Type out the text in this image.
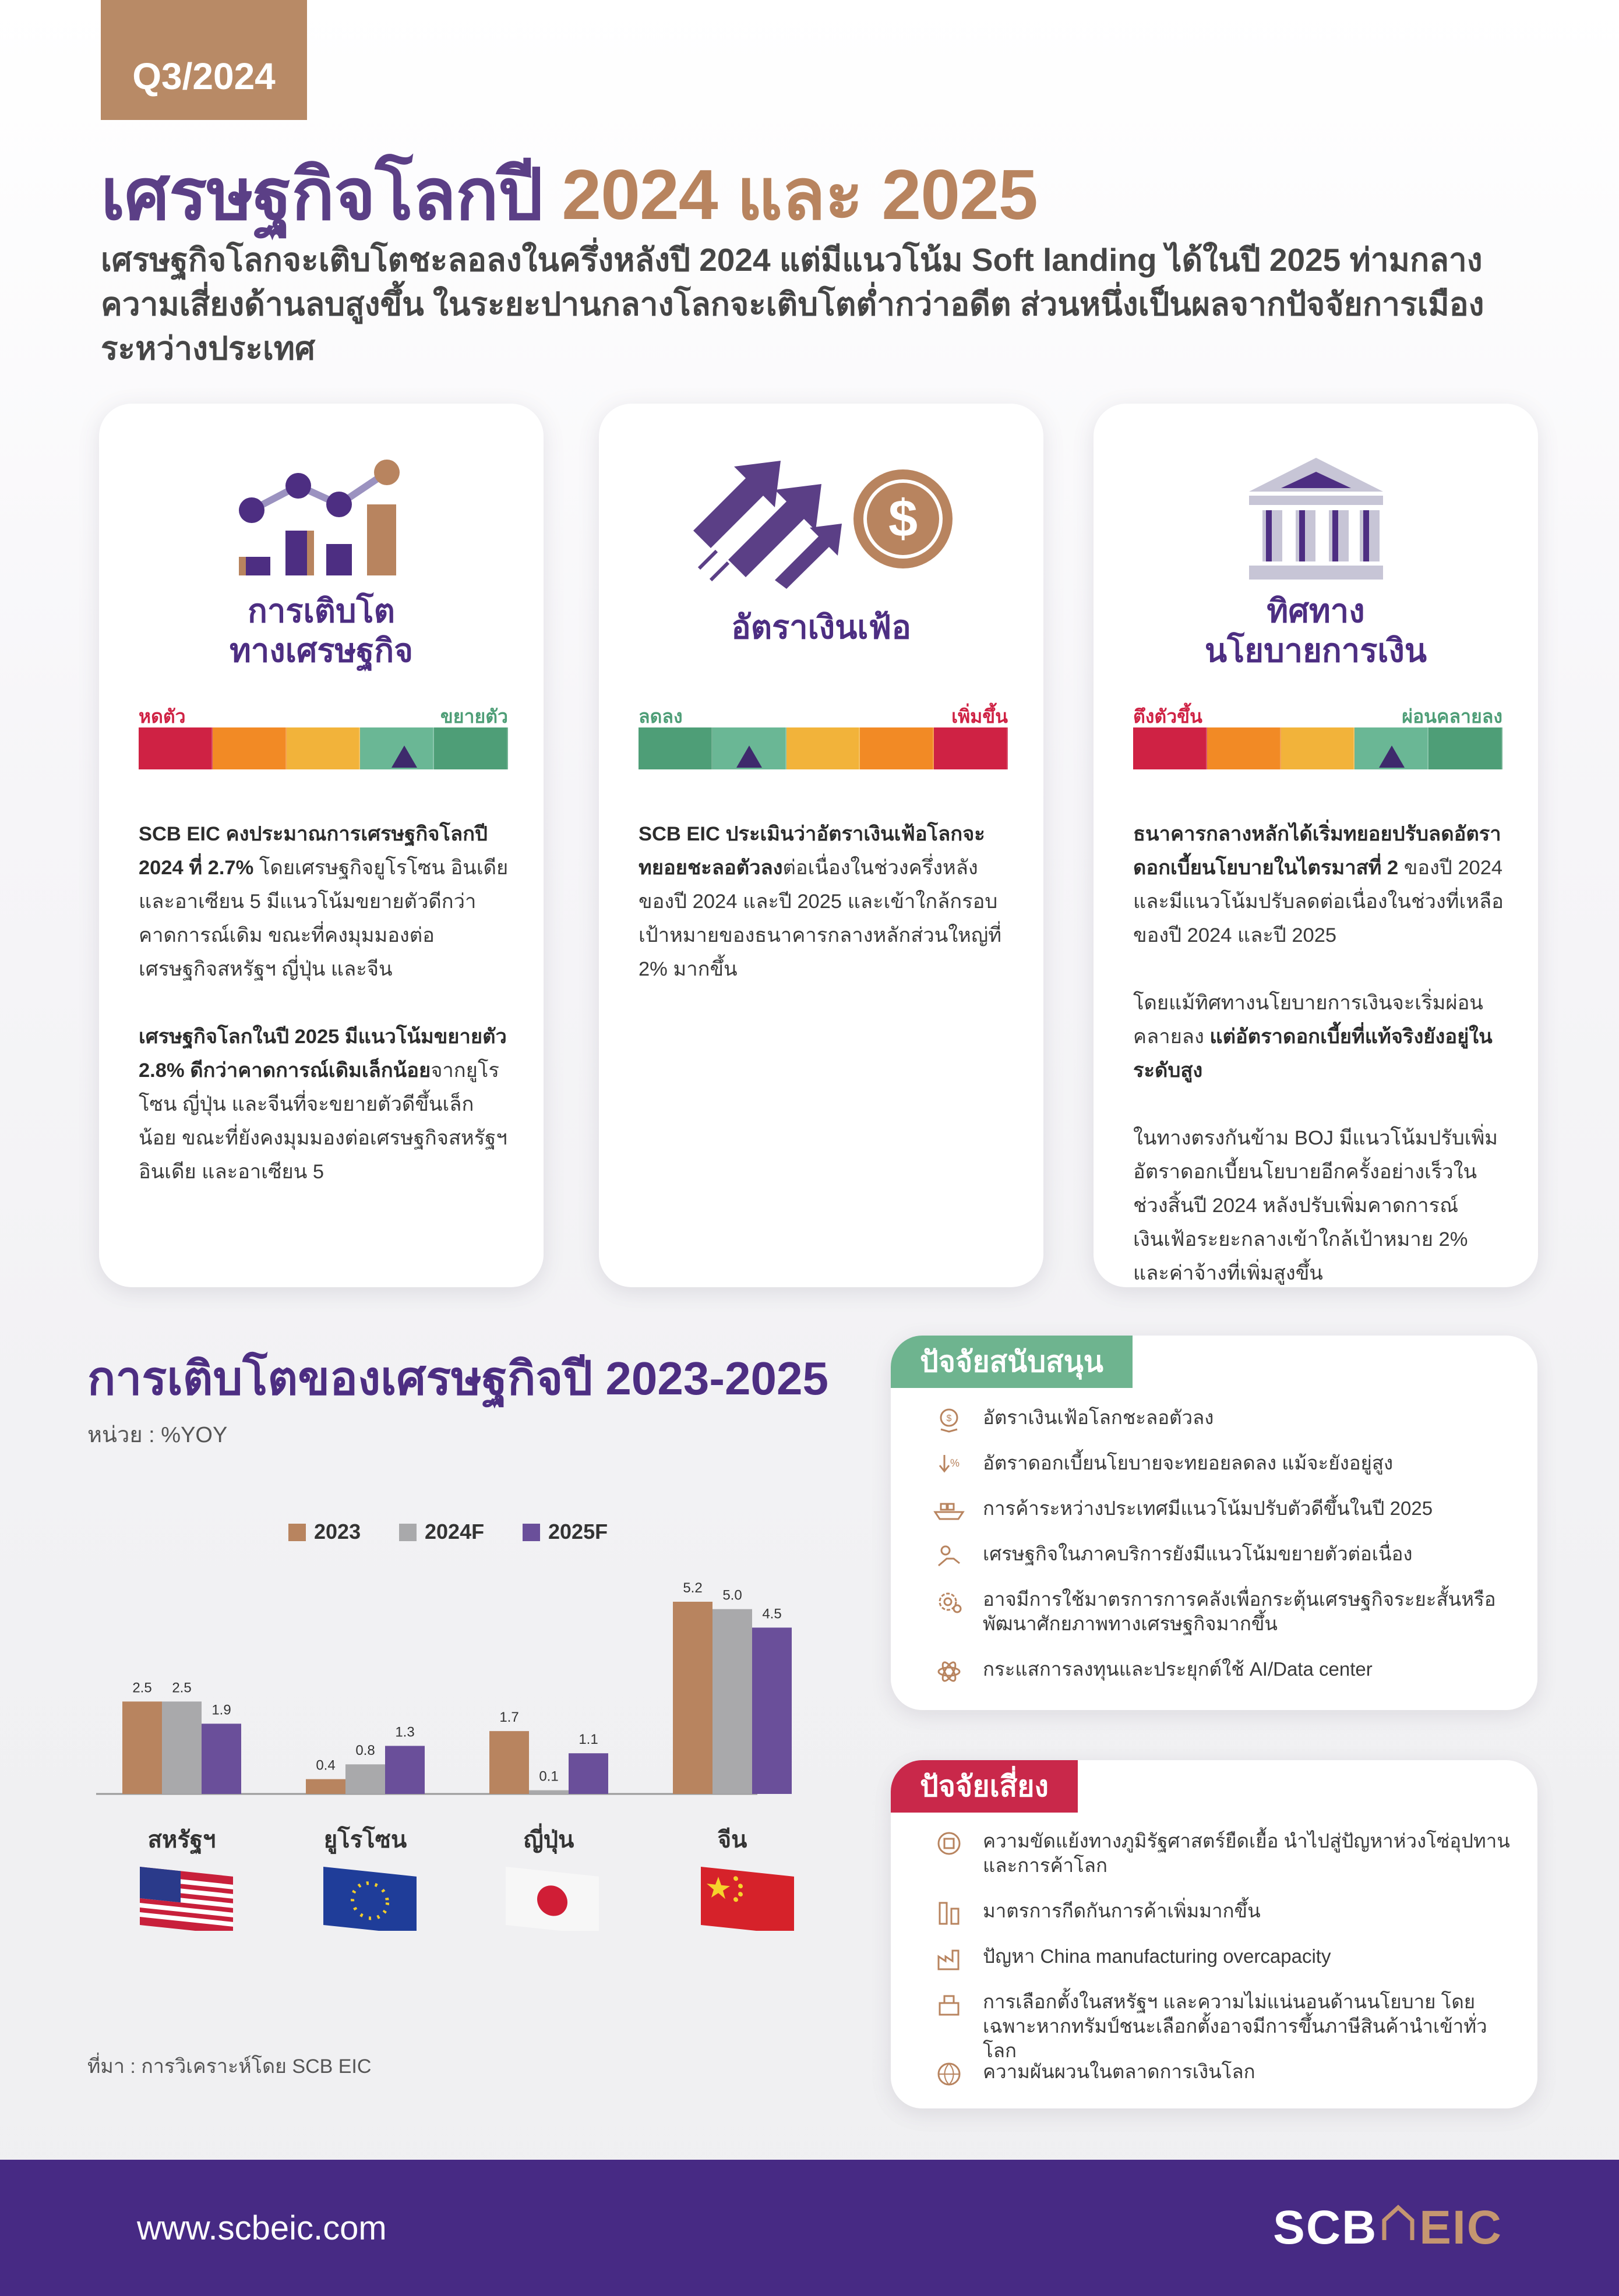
Q3/2024
เศรษฐกิจโลกปี 2024 และ 2025
เศรษฐกิจโลกจะเติบโตชะลอลงในครึ่งหลังปี 2024 แต่มีแนวโน้ม Soft landing ได้ในปี 2025 ท่ามกลางความเสี่ยงด้านลบสูงขึ้น ในระยะปานกลางโลกจะเติบโตต่ำกว่าอดีต ส่วนหนึ่งเป็นผลจากปัจจัยการเมืองระหว่างประเทศ
การเติบโต
ทางเศรษฐกิจ
หดตัว	ขยายตัว

SCB EIC คงประมาณการเศรษฐกิจโลกปี 2024 ที่ 2.7% โดยเศรษฐกิจยูโรโซน อินเดีย และอาเซียน 5 มีแนวโน้มขยายตัวดีกว่าคาดการณ์เดิม ขณะที่คงมุมมองต่อเศรษฐกิจสหรัฐฯ ญี่ปุ่น และจีน

เศรษฐกิจโลกในปี 2025 มีแนวโน้มขยายตัว 2.8% ดีกว่าคาดการณ์เดิมเล็กน้อยจากยูโรโซน ญี่ปุ่น และจีนที่จะขยายตัวดีขึ้นเล็กน้อย ขณะที่ยังคงมุมมองต่อเศรษฐกิจสหรัฐฯ อินเดีย และอาเซียน 5

$
อัตราเงินเฟ้อ
ลดลง	เพิ่มขึ้น

SCB EIC ประเมินว่าอัตราเงินเฟ้อโลกจะทยอยชะลอตัวลงต่อเนื่องในช่วงครึ่งหลังของปี 2024 และปี 2025 และเข้าใกล้กรอบเป้าหมายของธนาคารกลางหลักส่วนใหญ่ที่ 2% มากขึ้น

ทิศทาง
นโยบายการเงิน
ตึงตัวขึ้น	ผ่อนคลายลง

ธนาคารกลางหลักได้เริ่มทยอยปรับลดอัตราดอกเบี้ยนโยบายในไตรมาสที่ 2 ของปี 2024 และมีแนวโน้มปรับลดต่อเนื่องในช่วงที่เหลือของปี 2024 และปี 2025

โดยแม้ทิศทางนโยบายการเงินจะเริ่มผ่อนคลายลง แต่อัตราดอกเบี้ยที่แท้จริงยังอยู่ในระดับสูง

ในทางตรงกันข้าม BOJ มีแนวโน้มปรับเพิ่มอัตราดอกเบี้ยนโยบายอีกครั้งอย่างเร็วในช่วงสิ้นปี 2024 หลังปรับเพิ่มคาดการณ์เงินเฟ้อระยะกลางเข้าใกล้เป้าหมาย 2% และค่าจ้างที่เพิ่มสูงขึ้น

การเติบโตของเศรษฐกิจปี 2023-2025
หน่วย : %YOY
2023	2024F	2025F
2.5 2.5
1.9
สหรัฐฯ
0.4
0.8
1.3
ยูโรโซน
1.7
0.1
1.1
ญี่ปุ่น
5.2 5.0
4.5
จีน
ที่มา : การวิเคราะห์โดย SCB EIC
ปัจจัยสนับสนุน
$ อัตราเงินเฟ้อโลกชะลอตัวลง
% อัตราดอกเบี้ยนโยบายจะทยอยลดลง แม้จะยังอยู่สูง
การค้าระหว่างประเทศมีแนวโน้มปรับตัวดีขึ้นในปี 2025
เศรษฐกิจในภาคบริการยังมีแนวโน้มขยายตัวต่อเนื่อง
อาจมีการใช้มาตรการการคลังเพื่อกระตุ้นเศรษฐกิจระยะสั้นหรือพัฒนาศักยภาพทางเศรษฐกิจมากขึ้น
กระแสการลงทุนและประยุกต์ใช้ AI/Data center
ปัจจัยเสี่ยง
ความขัดแย้งทางภูมิรัฐศาสตร์ยืดเยื้อ นำไปสู่ปัญหาห่วงโซ่อุปทานและการค้าโลก
มาตรการกีดกันการค้าเพิ่มมากขึ้น
ปัญหา China manufacturing overcapacity
การเลือกตั้งในสหรัฐฯ และความไม่แน่นอนด้านนโยบาย โดยเฉพาะหากทรัมป์ชนะเลือกตั้งอาจมีการขึ้นภาษีสินค้านำเข้าทั่วโลก
ความผันผวนในตลาดการเงินโลก
www.scbeic.com	SCB EIC
